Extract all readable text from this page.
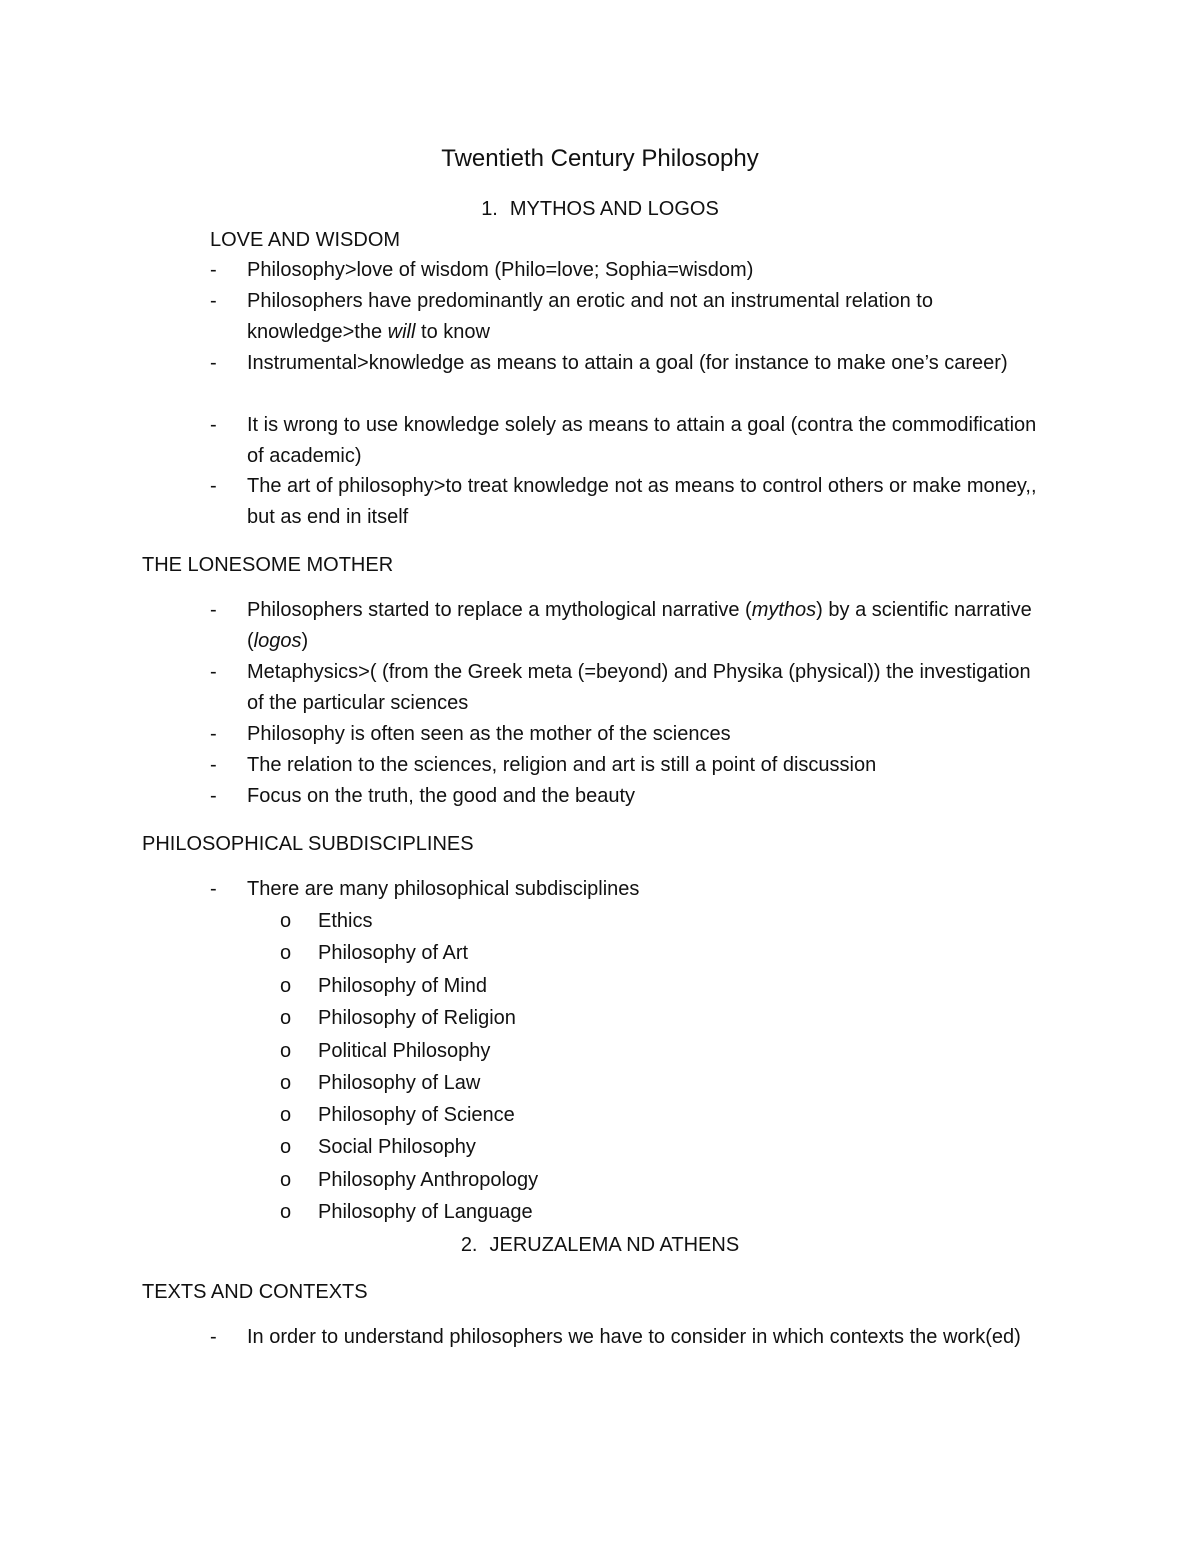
Twentieth Century Philosophy
1. MYTHOS AND LOGOS
LOVE AND WISDOM
- Philosophy>love of wisdom (Philo=love; Sophia=wisdom)
- Philosophers have predominantly an erotic and not an instrumental relation to knowledge>the will to know
- Instrumental>knowledge as means to attain a goal (for instance to make one’s career)
- It is wrong to use knowledge solely as means to attain a goal (contra the commodification of academic)
- The art of philosophy>to treat knowledge not as means to control others or make money,, but as end in itself
THE LONESOME MOTHER
- Philosophers started to replace a mythological narrative (mythos) by a scientific narrative (logos)
- Metaphysics>( (from the Greek meta (=beyond) and Physika (physical)) the investigation of the particular sciences
- Philosophy is often seen as the mother of the sciences
- The relation to the sciences, religion and art is still a point of discussion
- Focus on the truth, the good and the beauty
PHILOSOPHICAL SUBDISCIPLINES
- There are many philosophical subdisciplines
o Ethics
o Philosophy of Art
o Philosophy of Mind
o Philosophy of Religion
o Political Philosophy
o Philosophy of Law
o Philosophy of Science
o Social Philosophy
o Philosophy Anthropology
o Philosophy of Language
2. JERUZALEMA ND ATHENS
TEXTS AND CONTEXTS
- In order to understand philosophers we have to consider in which contexts the work(ed)
